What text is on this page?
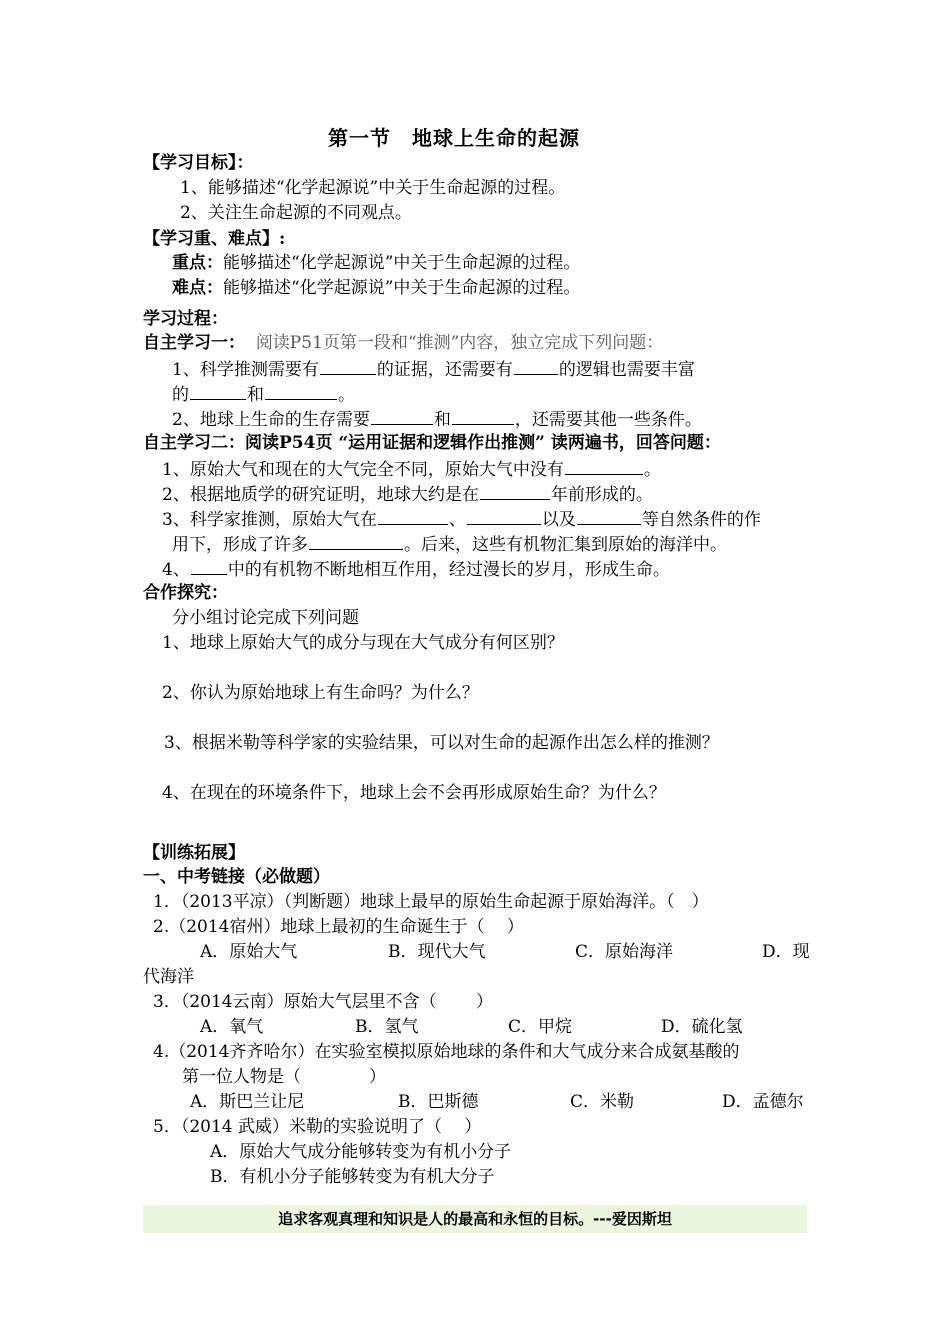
第一节　地球上生命的起源
【学习目标】：
1、能够描述“化学起源说”中关于生命起源的过程。
2、关注生命起源的不同观点。
【学习重、难点】:
重点：能够描述“化学起源说”中关于生命起源的过程。
难点：能够描述“化学起源说”中关于生命起源的过程。
学习过程：
自主学习一： 阅读P51页第一段和“推测”内容，独立完成下列问题：
1、科学推测需要有	的证据，还需要有	的逻辑也需要丰富
的	和	。
2、地球上生命的生存需要	和	，还需要其他一些条件。
自主学习二：阅读P54页 “运用证据和逻辑作出推测” 读两遍书，回答问题：
1、原始大气和现在的大气完全不同，原始大气中没有	。
2、根据地质学的研究证明，地球大约是在	年前形成的。
3、科学家推测，原始大气在	、	以及	等自然条件的作
用下，形成了许多	。后来，这些有机物汇集到原始的海洋中。
4、 中的有机物不断地相互作用，经过漫长的岁月，形成生命。
合作探究：
分小组讨论完成下列问题
1、地球上原始大气的成分与现在大气成分有何区别？
2、你认为原始地球上有生命吗？为什么？
3、根据米勒等科学家的实验结果，可以对生命的起源作出怎么样的推测？
4、在现在的环境条件下，地球上会不会再形成原始生命？为什么？
【训练拓展】
一、中考链接（必做题）
1．（2013平凉）（判断题）地球上最早的原始生命起源于原始海洋。（　）
2.（2014宿州）地球上最初的生命诞生于（　 ）
A．原始大气	B．现代大气	C．原始海洋	D．现
代海洋
3．（2014云南）原始大气层里不含（　　 ）
A．氧气	B．氢气	C．甲烷	D．硫化氢
4.（2014齐齐哈尔）在实验室模拟原始地球的条件和大气成分来合成氨基酸的
第一位人物是（　　　　）
A．斯巴兰让尼	B．巴斯德	C．米勒	D．孟德尔
5．（2014 武威）米勒的实验说明了（　 ）
A．原始大气成分能够转变为有机小分子
B．有机小分子能够转变为有机大分子
追求客观真理和知识是人的最高和永恒的目标。---爱因斯坦
